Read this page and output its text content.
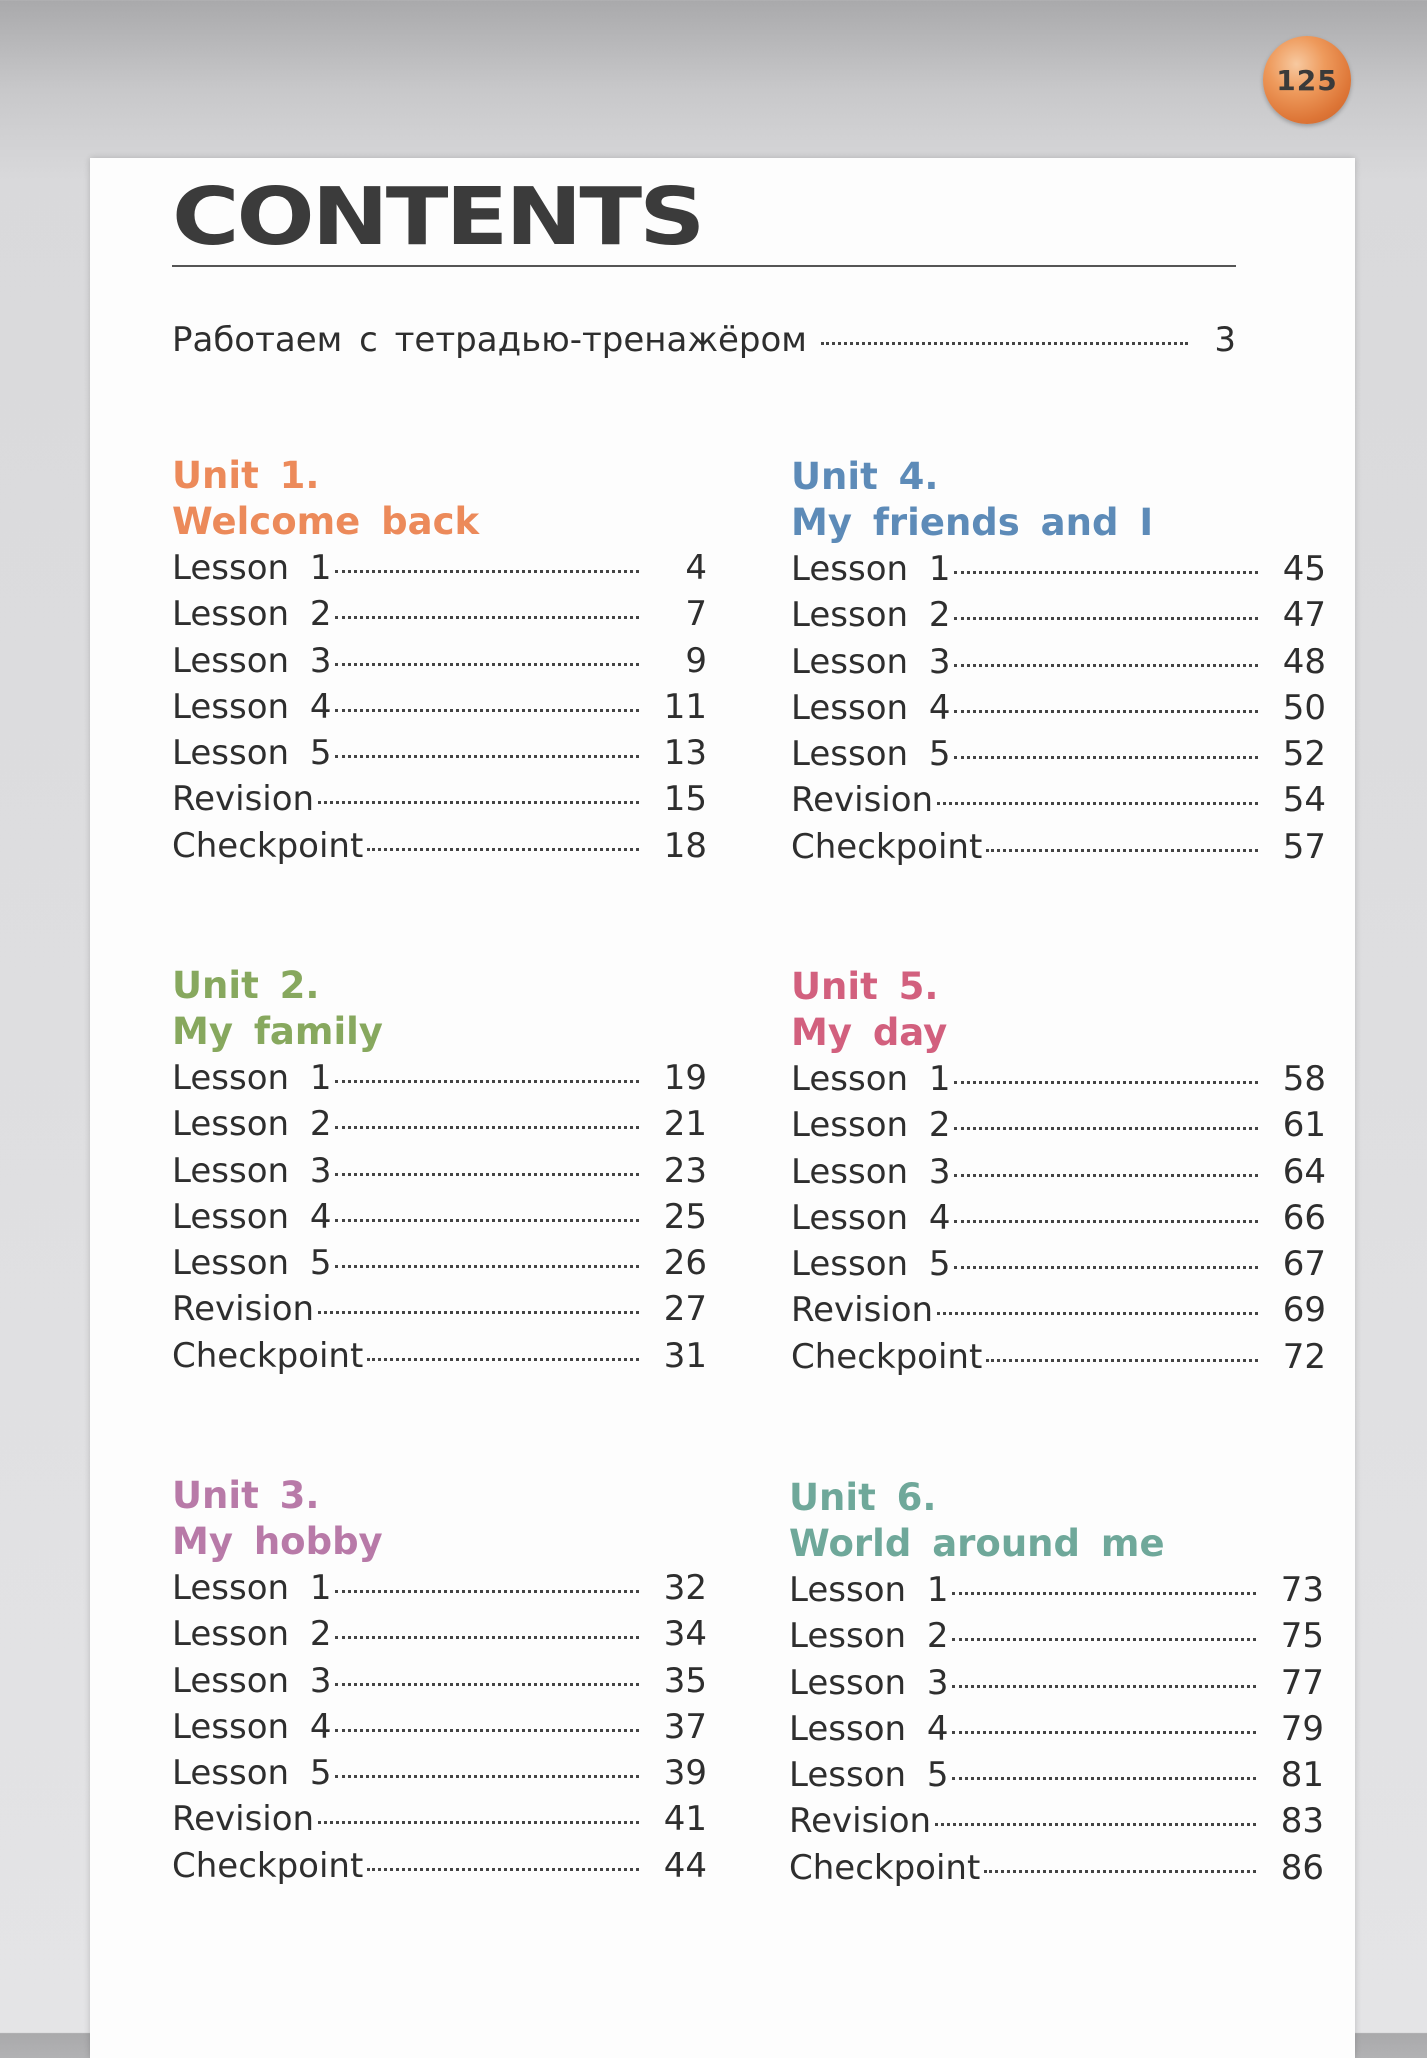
125
CONTENTS
Работаем с тетрадью-тренажёром	3
Unit 1.
Welcome back
Lesson 1	4
Lesson 2	7
Lesson 3	9
Lesson 4	11
Lesson 5	13
Revision	15
Checkpoint	18
Unit 2.
My family
Lesson 1	19
Lesson 2	21
Lesson 3	23
Lesson 4	25
Lesson 5	26
Revision	27
Checkpoint	31
Unit 3.
My hobby
Lesson 1	32
Lesson 2	34
Lesson 3	35
Lesson 4	37
Lesson 5	39
Revision	41
Checkpoint	44
Unit 4.
My friends and I
Lesson 1	45
Lesson 2	47
Lesson 3	48
Lesson 4	50
Lesson 5	52
Revision	54
Checkpoint	57
Unit 5.
My day
Lesson 1	58
Lesson 2	61
Lesson 3	64
Lesson 4	66
Lesson 5	67
Revision	69
Checkpoint	72
Unit 6.
World around me
Lesson 1	73
Lesson 2	75
Lesson 3	77
Lesson 4	79
Lesson 5	81
Revision	83
Checkpoint	86
